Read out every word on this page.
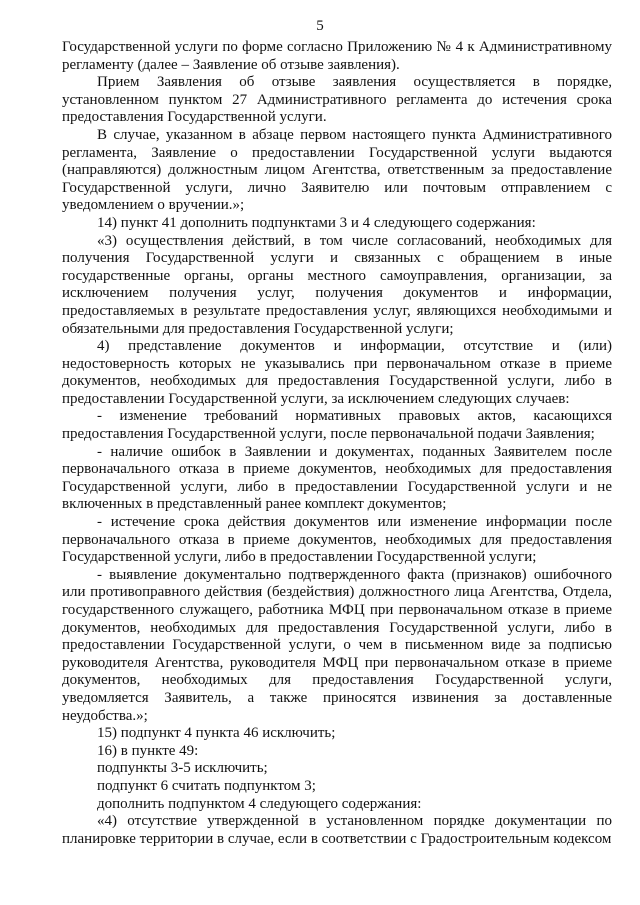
5

Государственной услуги по форме согласно Приложению № 4 к Административному регламенту (далее – Заявление об отзыве заявления).

Прием Заявления об отзыве заявления осуществляется в порядке, установленном пунктом 27 Административного регламента до истечения срока предоставления Государственной услуги.

В случае, указанном в абзаце первом настоящего пункта Административного регламента, Заявление о предоставлении Государственной услуги выдаются (направляются) должностным лицом Агентства, ответственным за предоставление Государственной услуги, лично Заявителю или почтовым отправлением с уведомлением о вручении.»;

14) пункт 41 дополнить подпунктами 3 и 4 следующего содержания:

«3) осуществления действий, в том числе согласований, необходимых для получения Государственной услуги и связанных с обращением в иные государственные органы, органы местного самоуправления, организации, за исключением получения услуг, получения документов и информации, предоставляемых в результате предоставления услуг, являющихся необходимыми и обязательными для предоставления Государственной услуги;

4) представление документов и информации, отсутствие и (или) недостоверность которых не указывались при первоначальном отказе в приеме документов, необходимых для предоставления Государственной услуги, либо в предоставлении Государственной услуги, за исключением следующих случаев:

- изменение требований нормативных правовых актов, касающихся предоставления Государственной услуги, после первоначальной подачи Заявления;

- наличие ошибок в Заявлении и документах, поданных Заявителем после первоначального отказа в приеме документов, необходимых для предоставления Государственной услуги, либо в предоставлении Государственной услуги и не включенных в представленный ранее комплект документов;

- истечение срока действия документов или изменение информации после первоначального отказа в приеме документов, необходимых для предоставления Государственной услуги, либо в предоставлении Государственной услуги;

- выявление документально подтвержденного факта (признаков) ошибочного или противоправного действия (бездействия) должностного лица Агентства, Отдела, государственного служащего, работника МФЦ при первоначальном отказе в приеме документов, необходимых для предоставления Государственной услуги, либо в предоставлении Государственной услуги, о чем в письменном виде за подписью руководителя Агентства, руководителя МФЦ при первоначальном отказе в приеме документов, необходимых для предоставления Государственной услуги, уведомляется Заявитель, а также приносятся извинения за доставленные неудобства.»;

15) подпункт 4 пункта 46 исключить;

16) в пункте 49:

подпункты 3-5 исключить;

подпункт 6 считать подпунктом 3;

дополнить подпунктом 4 следующего содержания:

«4) отсутствие утвержденной в установленном порядке документации по планировке территории в случае, если в соответствии с Градостроительным кодексом
